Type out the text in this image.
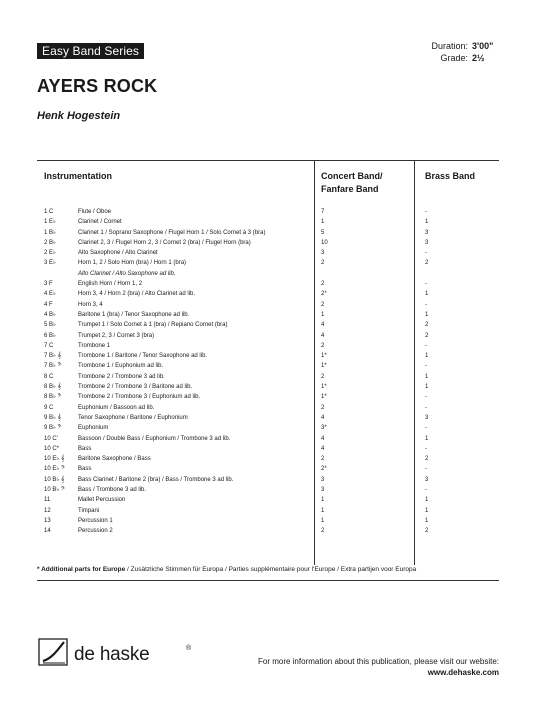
Easy Band Series	Duration: 3'00"
Grade: 2½
AYERS ROCK
Henk Hogestein
Instrumentation	Concert Band/
Fanfare Band
Brass Band
1 C	Flute / Oboe	7	-
1 E♭	Clarinet / Cornet	1	1
1 B♭	Clarinet 1 / Soprano Saxophone / Flugel Horn 1 / Solo Cornet à 3 (bra)	5	3
2 B♭	Clarinet 2, 3 / Flugel Horn 2, 3 / Cornet 2 (bra) / Flugel Horn (bra)	10	3
2 E♭	Alto Saxophone / Alto Clarinet	3	-
3 E♭	Horn 1, 2 / Solo Horn (bra) / Horn 1 (bra)	2	2
Alto Clarinet / Alto Saxophone ad lib.
3 F	English Horn / Horn 1, 2	2	-
4 E♭	Horn 3, 4 / Horn 2 (bra) / Alto Clarinet ad lib.	2*	1
4 F	Horn 3, 4	2	-
4 B♭	Baritone 1 (bra) / Tenor Saxophone ad lib.	1	1
5 B♭	Trumpet 1 / Solo Cornet à 1 (bra) / Repiano Cornet (bra)	4	2
6 B♭	Trumpet 2, 3 / Cornet 3 (bra)	4	2
7 C	Trombone 1	2	-
7 B♭ 𝄞	Trombone 1 / Baritone / Tenor Saxophone ad lib.	1*	1
7 B♭ 𝄢	Trombone 1 / Euphonium ad lib.	1*	-
8 C	Trombone 2 / Trombone 3 ad lib.	2	1
8 B♭ 𝄞	Trombone 2 / Trombone 3 / Baritone ad lib.	1*	1
8 B♭ 𝄢	Trombone 2 / Trombone 3 / Euphonium ad lib.	1*	-
9 C	Euphonium / Bassoon ad lib.	2	-
9 B♭ 𝄞	Tenor Saxophone / Baritone / Euphonium	4	3
9 B♭ 𝄢	Euphonium	3*	-
10 C'	Bassoon / Double Bass / Euphonium / Trombone 3 ad lib.	4	1
10 C*	Bass	4	-
10 E♭ 𝄞 Baritone Saxophone / Bass	2	2
10 E♭ 𝄢 Bass	2*	-
10 B♭ 𝄞 Bass Clarinet / Baritone 2 (bra) / Bass / Trombone 3 ad lib.	3	3
10 B♭ 𝄢 Bass / Trombone 3 ad lib.	3	-
11	Mallet Percussion	1	1
12	Timpani	1	1
13	Percussion 1	1	1
14	Percussion 2	2	2
* Additional parts for Europe / Zusätzliche Stimmen für Europa / Parties supplémentaire pour l'Europe / Extra partijen voor Europa
de haske	®
For more information about this publication, please visit our website:
www.dehaske.com
